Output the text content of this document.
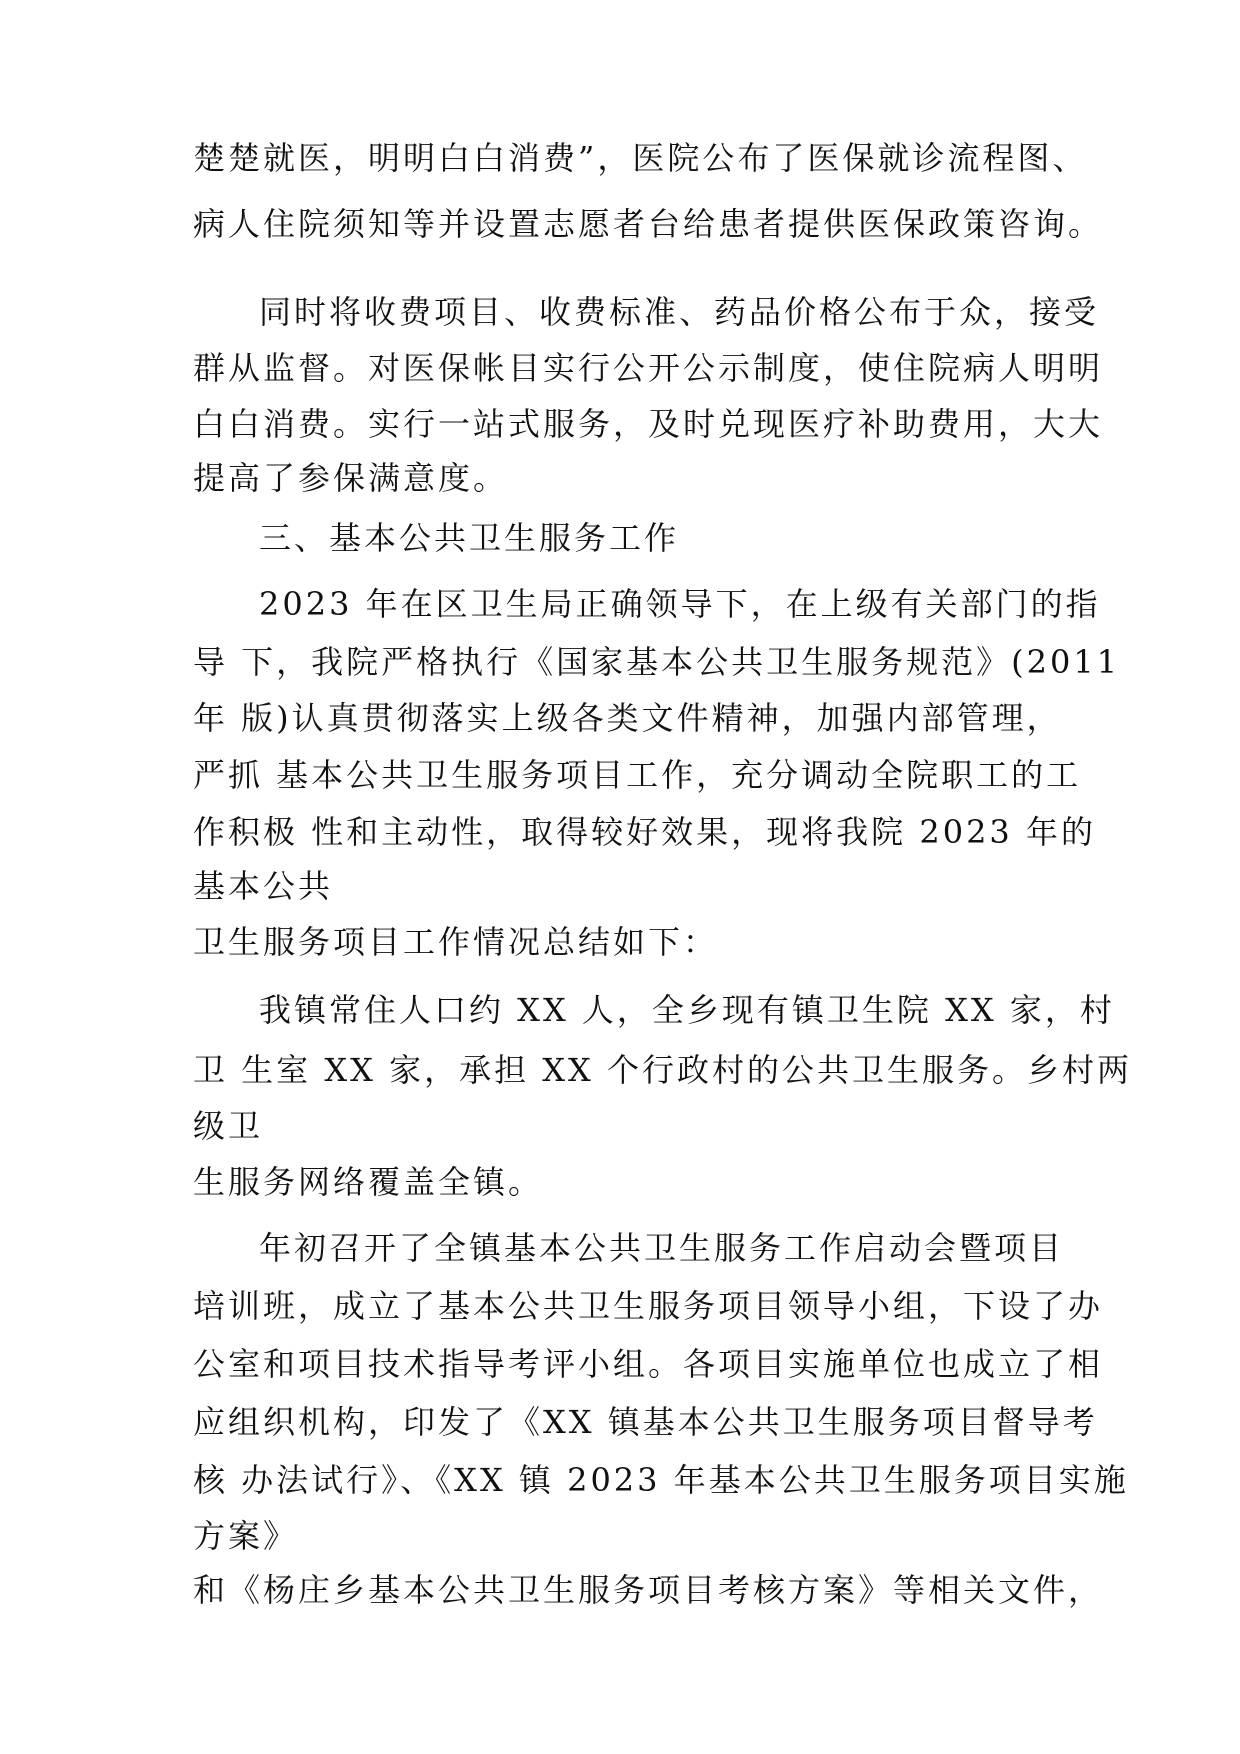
楚楚就医，明明白白消费”，医院公布了医保就诊流程图、
病人住院须知等并设置志愿者台给患者提供医保政策咨询。
同时将收费项目、收费标准、药品价格公布于众，接受
群从监督。对医保帐目实行公开公示制度，使住院病人明明
白白消费。实行一站式服务，及时兑现医疗补助费用，大大
提高了参保满意度。
三、基本公共卫生服务工作
2023 年在区卫生局正确领导下，在上级有关部门的指
导 下，我院严格执行《国家基本公共卫生服务规范》(2011
年 版)认真贯彻落实上级各类文件精神，加强内部管理，
严抓 基本公共卫生服务项目工作，充分调动全院职工的工
作积极 性和主动性，取得较好效果，现将我院 2023 年的
基本公共
卫生服务项目工作情况总结如下：
我镇常住人口约 XX 人，全乡现有镇卫生院 XX 家，村
卫 生室 XX 家，承担 XX 个行政村的公共卫生服务。乡村两
级卫
生服务网络覆盖全镇。
年初召开了全镇基本公共卫生服务工作启动会暨项目
培训班，成立了基本公共卫生服务项目领导小组，下设了办
公室和项目技术指导考评小组。各项目实施单位也成立了相
应组织机构，印发了《XX 镇基本公共卫生服务项目督导考
核 办法试行》、《XX 镇 2023 年基本公共卫生服务项目实施
方案》
和《杨庄乡基本公共卫生服务项目考核方案》等相关文件，
